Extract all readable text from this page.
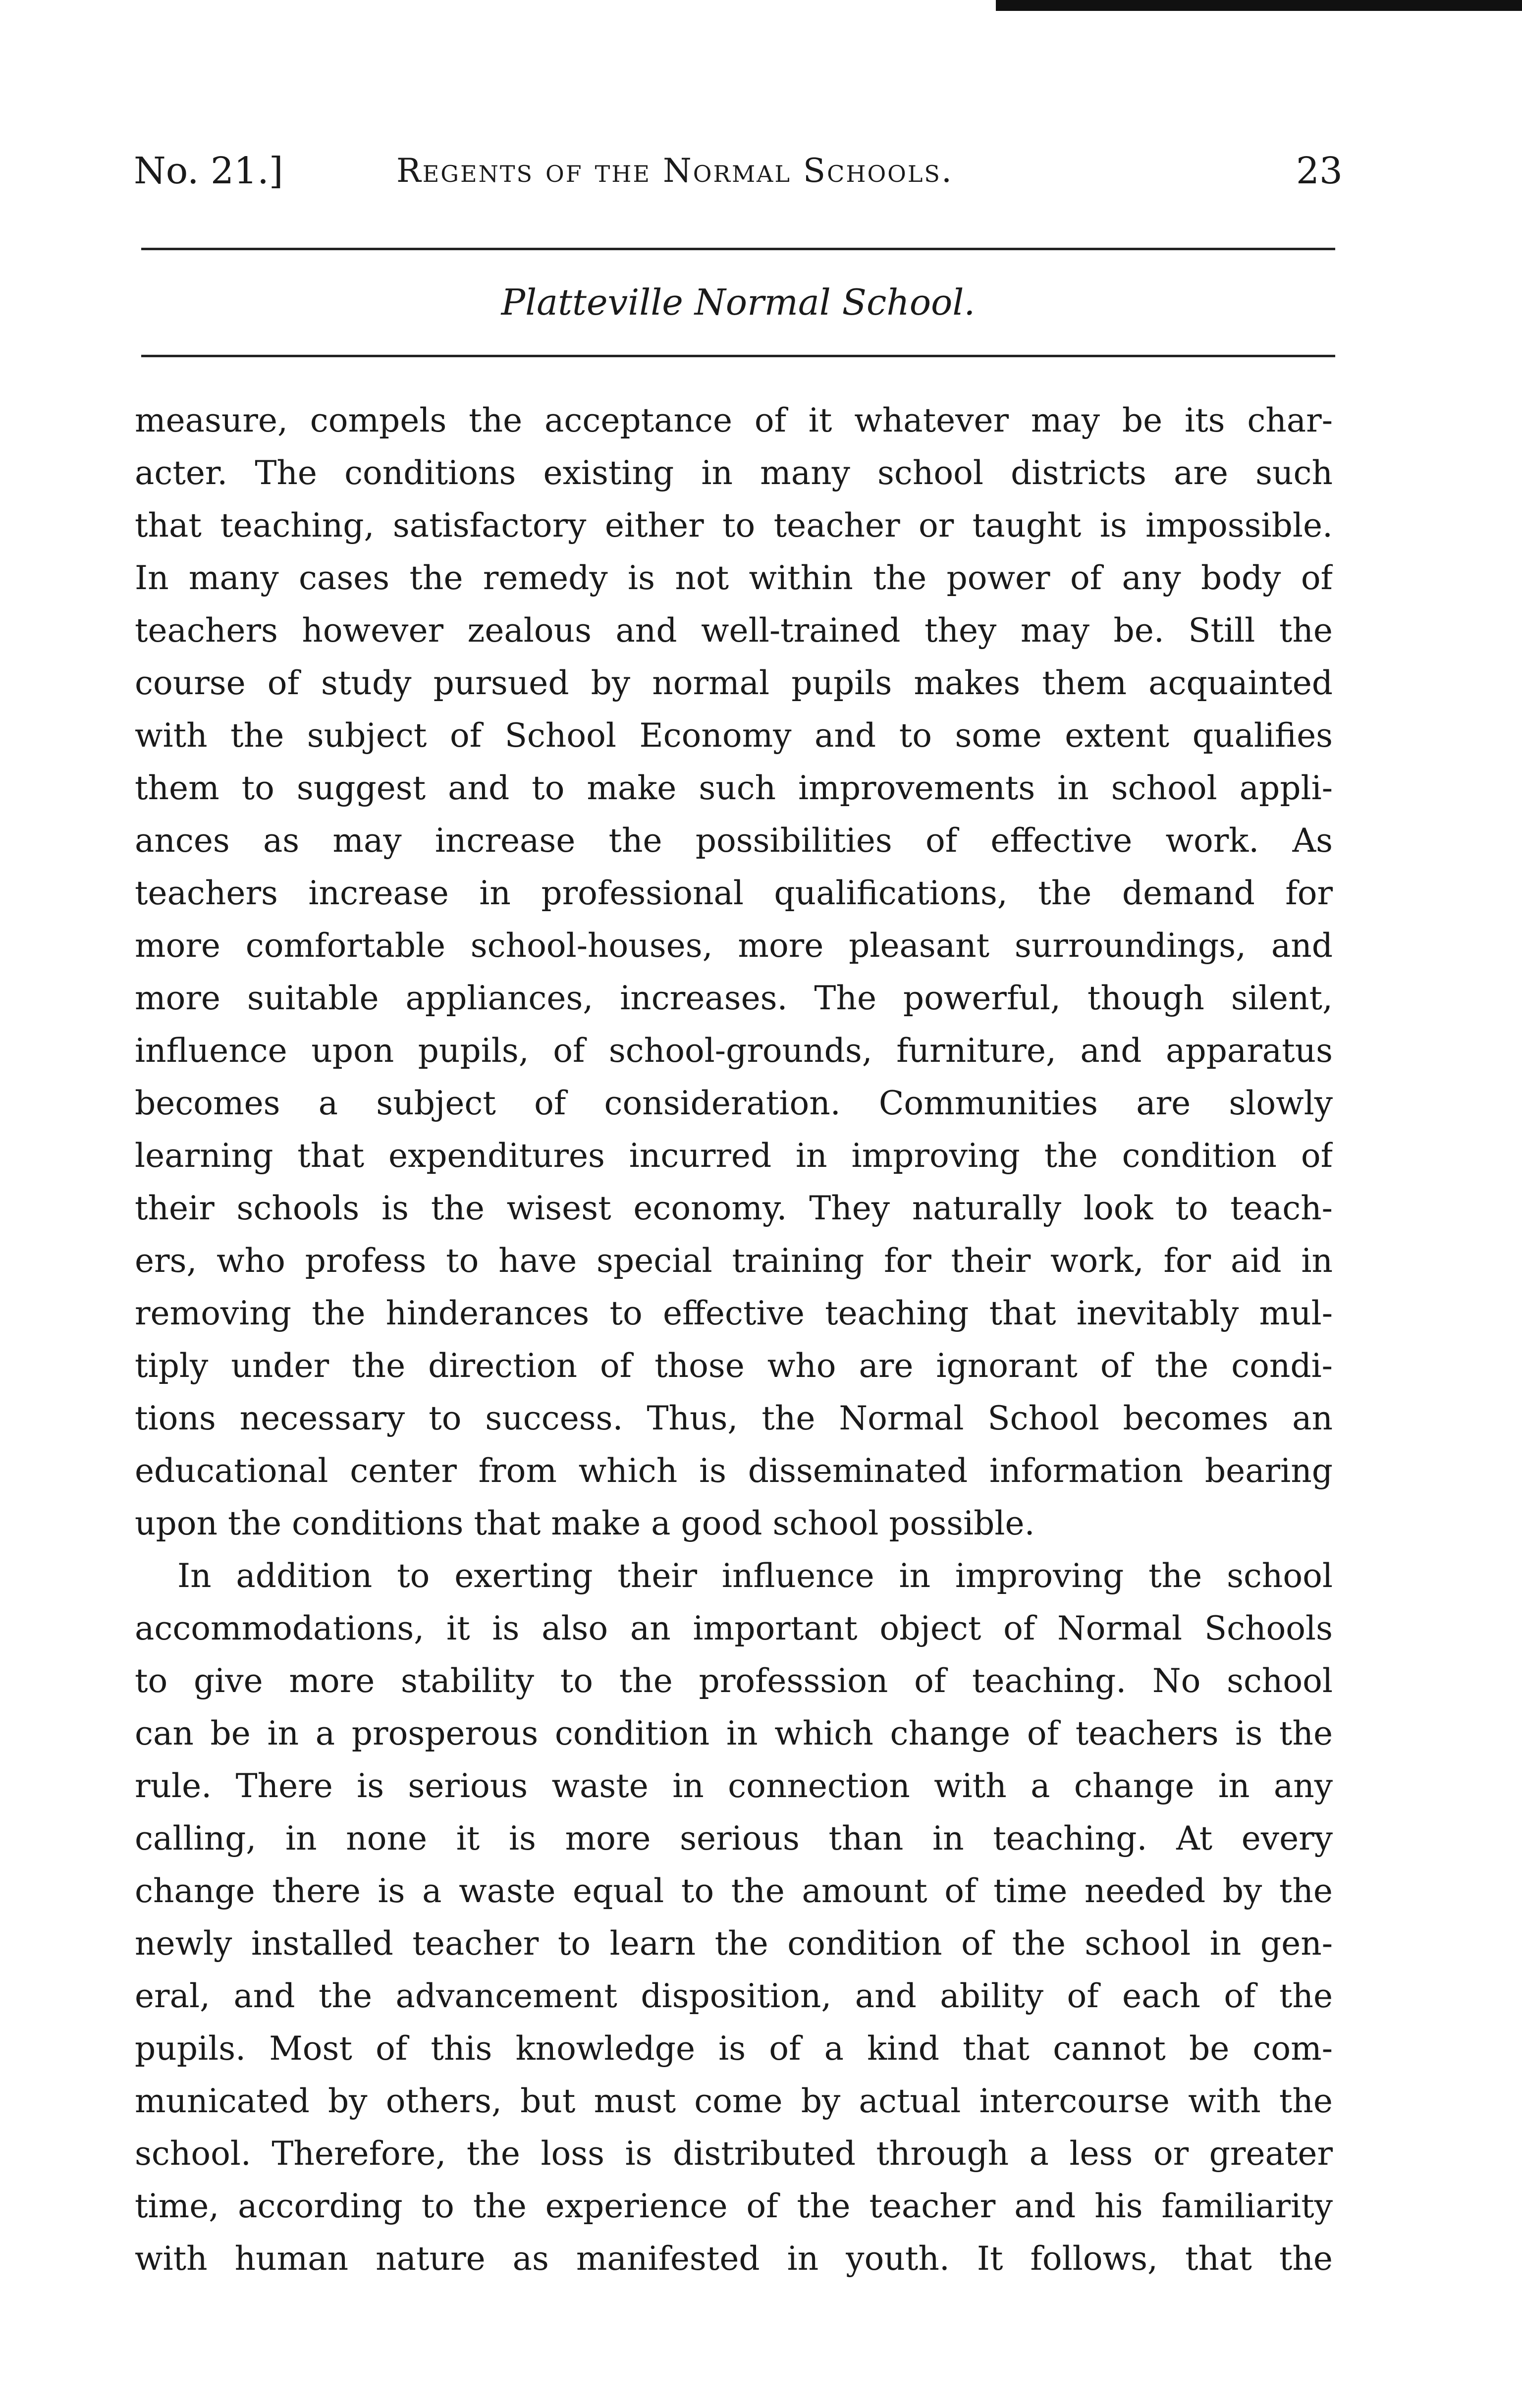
No. 21.]	Regents of the Normal Schools.	23
Platteville Normal School.
measure, compels the acceptance of it whatever may be its char-
acter. The conditions existing in many school districts are such
that teaching, satisfactory either to teacher or taught is impossible.
In many cases the remedy is not within the power of any body of
teachers however zealous and well-trained they may be. Still the
course of study pursued by normal pupils makes them acquainted
with the subject of School Economy and to some extent qualifies
them to suggest and to make such improvements in school appli-
ances as may increase the possibilities of effective work. As
teachers increase in professional qualifications, the demand for
more comfortable school-houses, more pleasant surroundings, and
more suitable appliances, increases. The powerful, though silent,
influence upon pupils, of school-grounds, furniture, and apparatus
becomes a subject of consideration. Communities are slowly
learning that expenditures incurred in improving the condition of
their schools is the wisest economy. They naturally look to teach-
ers, who profess to have special training for their work, for aid in
removing the hinderances to effective teaching that inevitably mul-
tiply under the direction of those who are ignorant of the condi-
tions necessary to success. Thus, the Normal School becomes an
educational center from which is disseminated information bearing
upon the conditions that make a good school possible.
In addition to exerting their influence in improving the school
accommodations, it is also an important object of Normal Schools
to give more stability to the professsion of teaching. No school
can be in a prosperous condition in which change of teachers is the
rule. There is serious waste in connection with a change in any
calling, in none it is more serious than in teaching. At every
change there is a waste equal to the amount of time needed by the
newly installed teacher to learn the condition of the school in gen-
eral, and the advancement disposition, and ability of each of the
pupils. Most of this knowledge is of a kind that cannot be com-
municated by others, but must come by actual intercourse with the
school. Therefore, the loss is distributed through a less or greater
time, according to the experience of the teacher and his familiarity
with human nature as manifested in youth. It follows, that the
